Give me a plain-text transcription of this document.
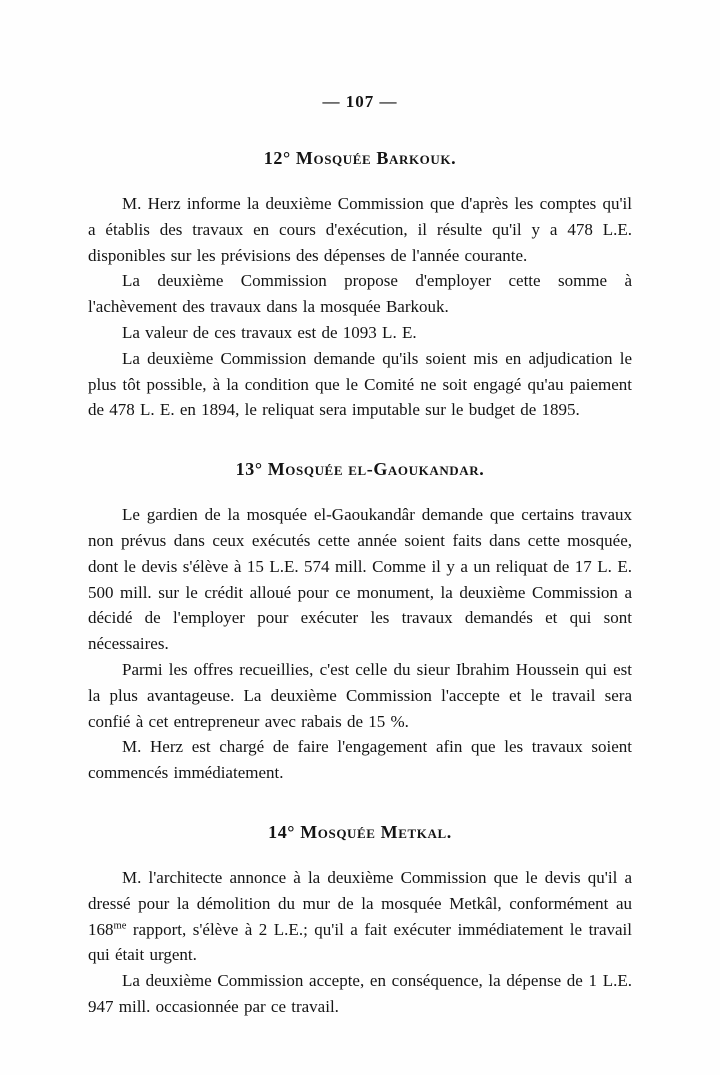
— 107 —
12° Mosquée Barkouk.

M. Herz informe la deuxième Commission que d'après les comptes qu'il a établis des travaux en cours d'exécution, il résulte qu'il y a 478 L.E. disponibles sur les prévisions des dépenses de l'année courante.

La deuxième Commission propose d'employer cette somme à l'achèvement des travaux dans la mosquée Barkouk.

La valeur de ces travaux est de 1093 L. E.

La deuxième Commission demande qu'ils soient mis en adjudication le plus tôt possible, à la condition que le Comité ne soit engagé qu'au paiement de 478 L. E. en 1894, le reliquat sera imputable sur le budget de 1895.

13° Mosquée el-Gaoukandar.

Le gardien de la mosquée el-Gaoukandâr demande que certains travaux non prévus dans ceux exécutés cette année soient faits dans cette mosquée, dont le devis s'élève à 15 L.E. 574 mill. Comme il y a un reliquat de 17 L. E. 500 mill. sur le crédit alloué pour ce monument, la deuxième Commission a décidé de l'employer pour exécuter les travaux demandés et qui sont nécessaires.

Parmi les offres recueillies, c'est celle du sieur Ibrahim Houssein qui est la plus avantageuse. La deuxième Commission l'accepte et le travail sera confié à cet entrepreneur avec rabais de 15 %.

M. Herz est chargé de faire l'engagement afin que les travaux soient commencés immédiatement.

14° Mosquée Metkal.

M. l'architecte annonce à la deuxième Commission que le devis qu'il a dressé pour la démolition du mur de la mosquée Metkâl, conformément au $168^{me}$ rapport, s'élève à 2 L.E.; qu'il a fait exécuter immédiatement le travail qui était urgent.

La deuxième Commission accepte, en conséquence, la dépense de 1 L.E. 947 mill. occasionnée par ce travail.
